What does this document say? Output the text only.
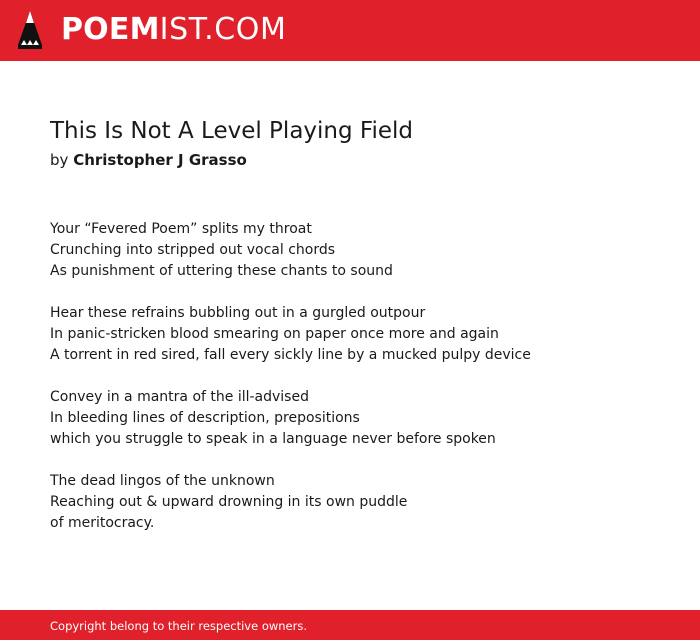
POEMIST.COM
This Is Not A Level Playing Field
by Christopher J Grasso
Your “Fevered Poem” splits my throat
Crunching into stripped out vocal chords
As punishment of uttering these chants to sound
Hear these refrains bubbling out in a gurgled outpour
In panic-stricken blood smearing on paper once more and again
A torrent in red sired, fall every sickly line by a mucked pulpy device
Convey in a mantra of the ill-advised
In bleeding lines of description, prepositions
which you struggle to speak in a language never before spoken
The dead lingos of the unknown
Reaching out & upward drowning in its own puddle
of meritocracy.
Copyright belong to their respective owners.
